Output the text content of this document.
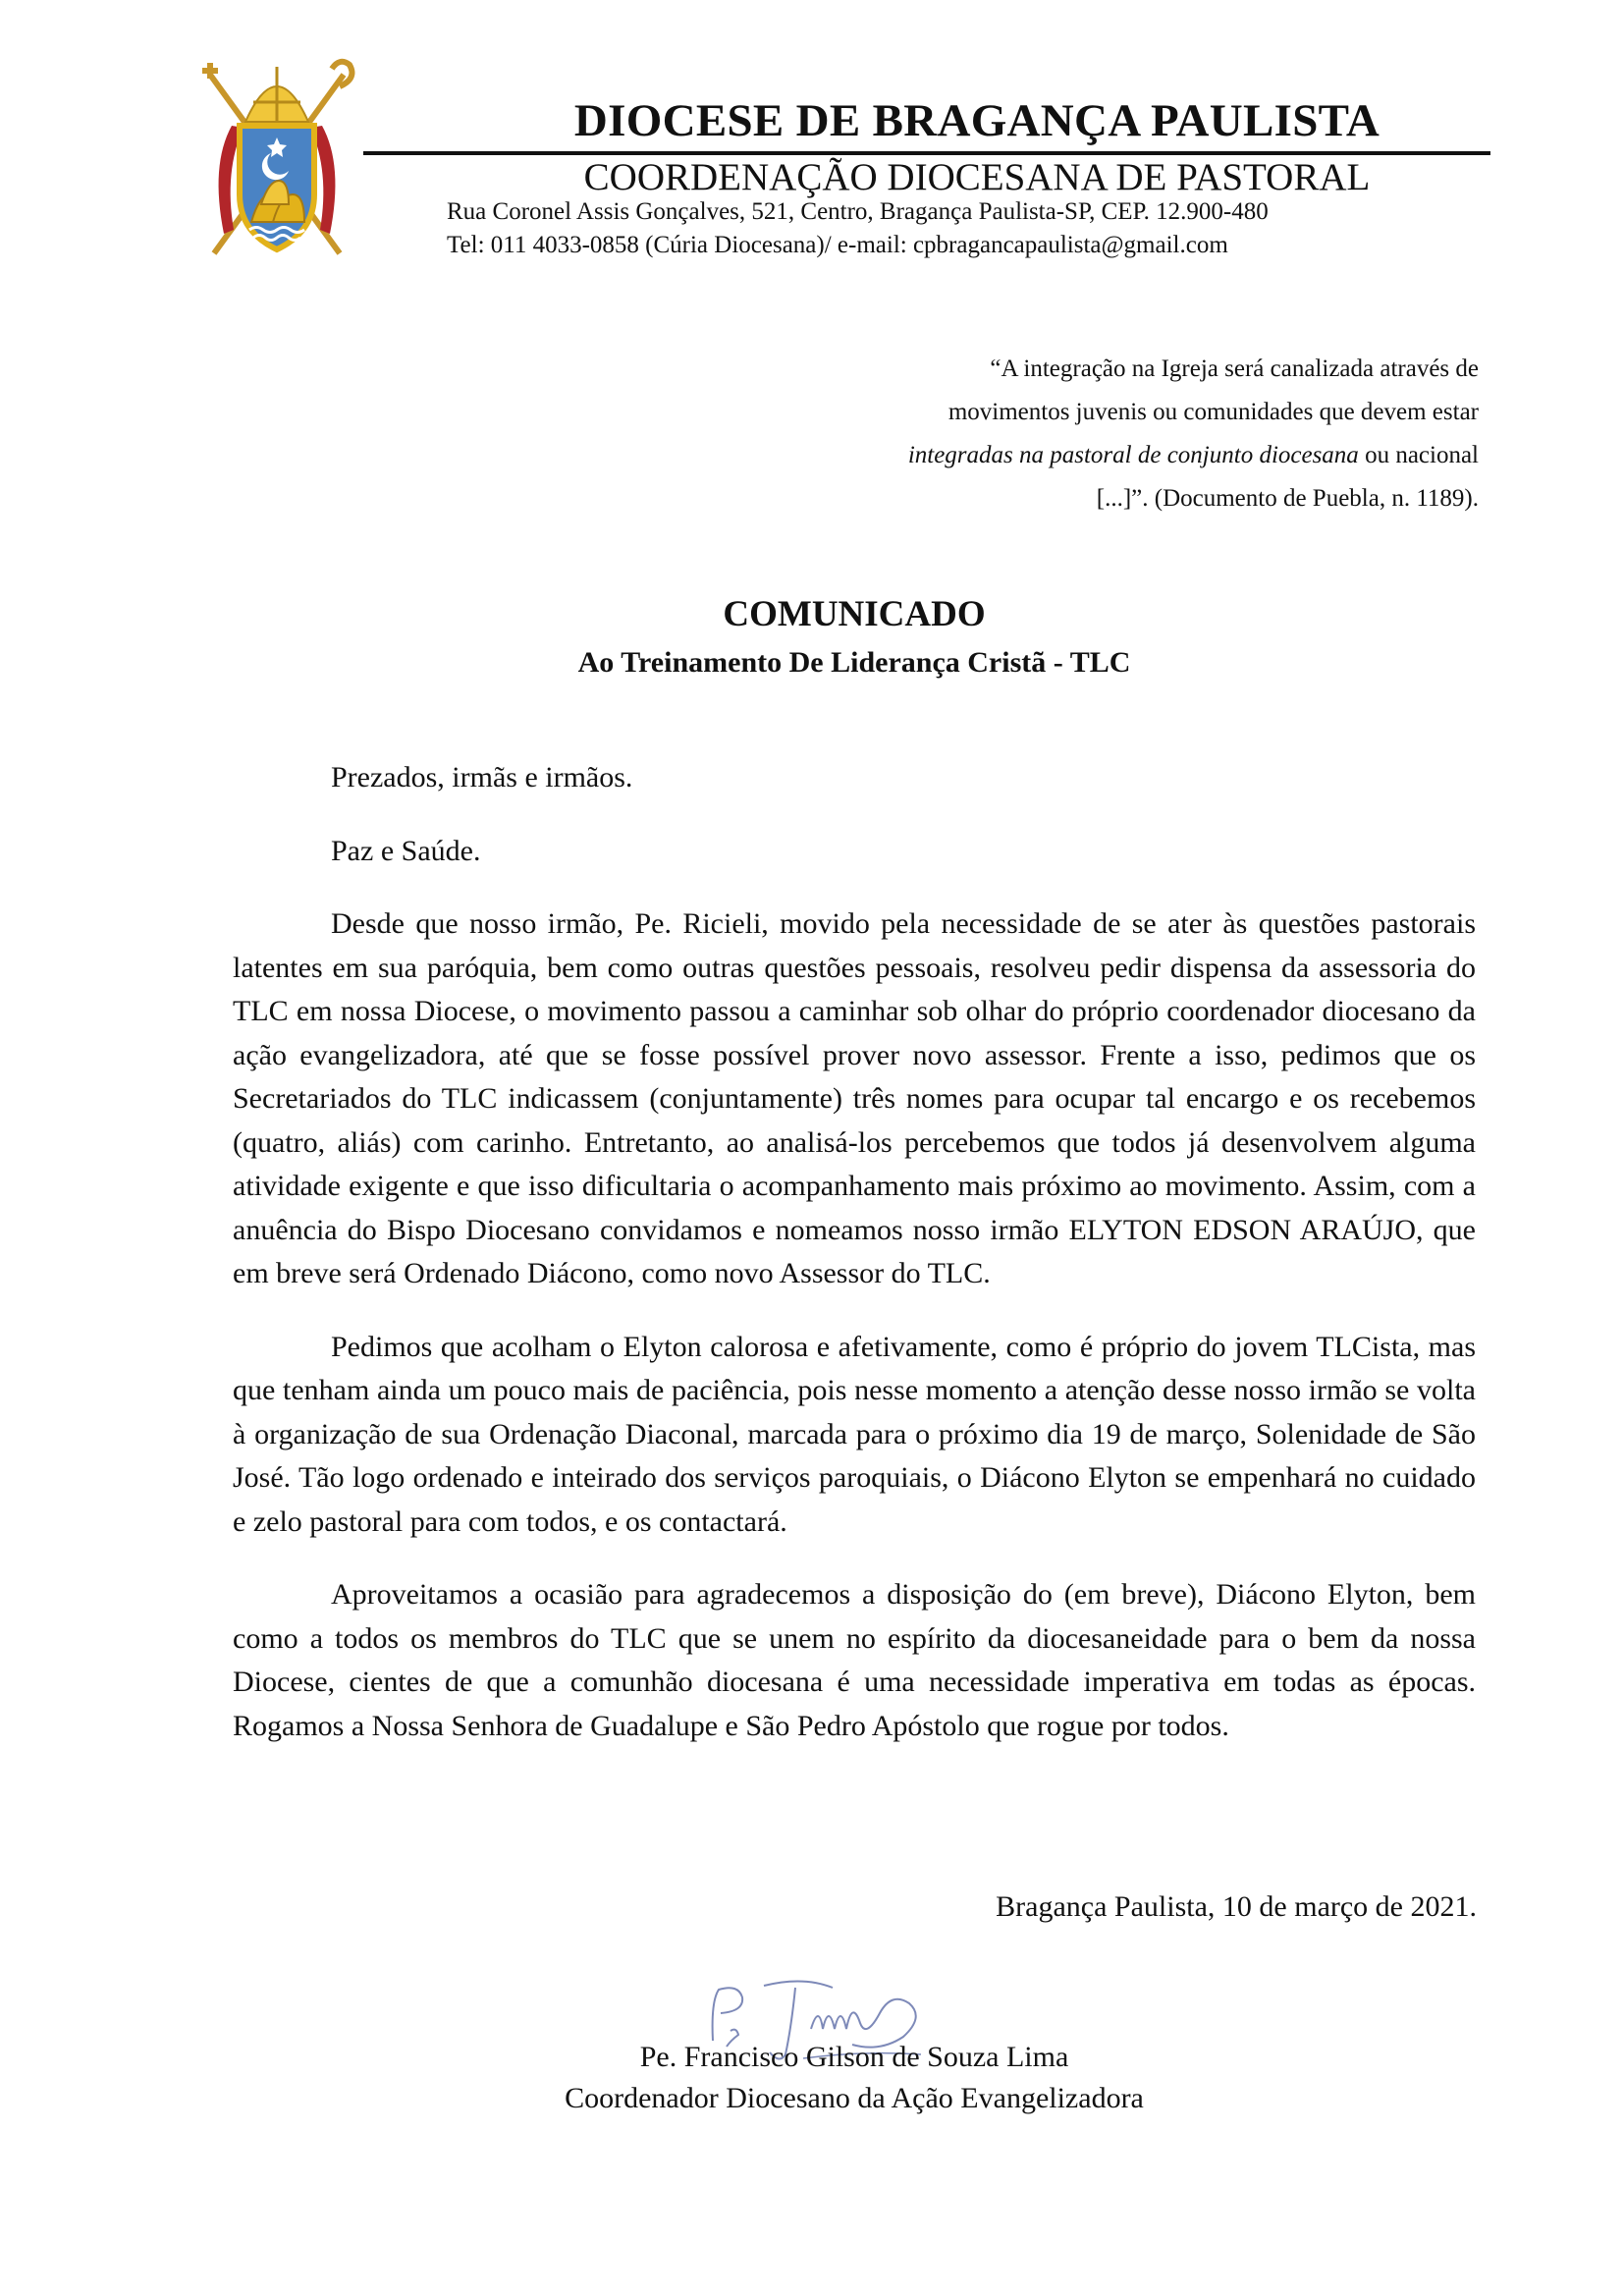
DIOCESE DE BRAGANÇA PAULISTA
COORDENAÇÃO DIOCESANA DE PASTORAL
Rua Coronel Assis Gonçalves, 521, Centro, Bragança Paulista-SP, CEP. 12.900-480
Tel: 011 4033-0858 (Cúria Diocesana)/ e-mail: cpbragancapaulista@gmail.com
“A integração na Igreja será canalizada através de
movimentos juvenis ou comunidades que devem estar
integradas na pastoral de conjunto diocesana ou nacional
[...]”. (Documento de Puebla, n. 1189).
COMUNICADO
Ao Treinamento De Liderança Cristã - TLC

Prezados, irmãs e irmãos.

Paz e Saúde.

Desde que nosso irmão, Pe. Ricieli, movido pela necessidade de se ater às questões pastorais latentes em sua paróquia, bem como outras questões pessoais, resolveu pedir dispensa da assessoria do TLC em nossa Diocese, o movimento passou a caminhar sob olhar do próprio coordenador diocesano da ação evangelizadora, até que se fosse possível prover novo assessor. Frente a isso, pedimos que os Secretariados do TLC indicassem (conjuntamente) três nomes para ocupar tal encargo e os recebemos (quatro, aliás) com carinho. Entretanto, ao analisá-los percebemos que todos já desenvolvem alguma atividade exigente e que isso dificultaria o acompanhamento mais próximo ao movimento. Assim, com a anuência do Bispo Diocesano convidamos e nomeamos nosso irmão ELYTON EDSON ARAÚJO, que em breve será Ordenado Diácono, como novo Assessor do TLC.

Pedimos que acolham o Elyton calorosa e afetivamente, como é próprio do jovem TLCista, mas que tenham ainda um pouco mais de paciência, pois nesse momento a atenção desse nosso irmão se volta à organização de sua Ordenação Diaconal, marcada para o próximo dia 19 de março, Solenidade de São José. Tão logo ordenado e inteirado dos serviços paroquiais, o Diácono Elyton se empenhará no cuidado e zelo pastoral para com todos, e os contactará.

Aproveitamos a ocasião para agradecemos a disposição do (em breve), Diácono Elyton, bem como a todos os membros do TLC que se unem no espírito da diocesaneidade para o bem da nossa Diocese, cientes de que a comunhão diocesana é uma necessidade imperativa em todas as épocas. Rogamos a Nossa Senhora de Guadalupe e São Pedro Apóstolo que rogue por todos.

Bragança Paulista, 10 de março de 2021.
Pe. Francisco Gilson de Souza Lima
Coordenador Diocesano da Ação Evangelizadora
